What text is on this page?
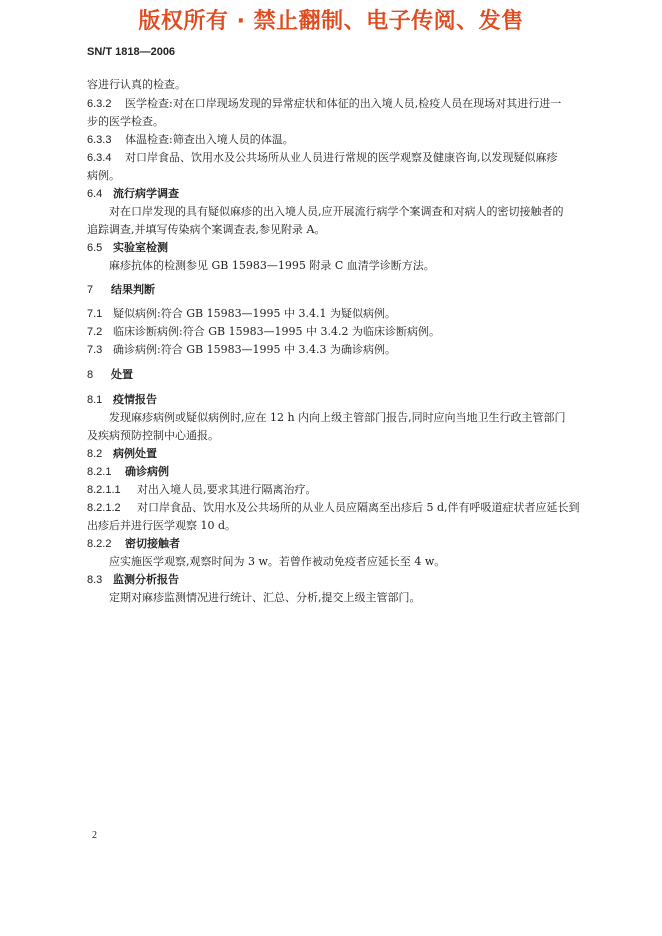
版权所有 · 禁止翻制、电子传阅、发售
SN/T 1818—2006
容进行认真的检查。
6.3.2 医学检查:对在口岸现场发现的异常症状和体征的出入境人员,检疫人员在现场对其进行进一
步的医学检查。
6.3.3 体温检查:筛查出入境人员的体温。
6.3.4 对口岸食品、饮用水及公共场所从业人员进行常规的医学观察及健康咨询,以发现疑似麻疹
病例。
6.4 流行病学调查
对在口岸发现的具有疑似麻疹的出入境人员,应开展流行病学个案调查和对病人的密切接触者的
追踪调查,并填写传染病个案调查表,参见附录 A。
6.5 实验室检测
麻疹抗体的检测参见 GB 15983—1995 附录 C 血清学诊断方法。
7 结果判断
7.1 疑似病例:符合 GB 15983—1995 中 3.4.1 为疑似病例。
7.2 临床诊断病例:符合 GB 15983—1995 中 3.4.2 为临床诊断病例。
7.3 确诊病例:符合 GB 15983—1995 中 3.4.3 为确诊病例。
8 处置
8.1 疫情报告
发现麻疹病例或疑似病例时,应在 12 h 内向上级主管部门报告,同时应向当地卫生行政主管部门
及疾病预防控制中心通报。
8.2 病例处置
8.2.1 确诊病例
8.2.1.1 对出入境人员,要求其进行隔离治疗。
8.2.1.2 对口岸食品、饮用水及公共场所的从业人员应隔离至出疹后 5 d,伴有呼吸道症状者应延长到
出疹后并进行医学观察 10 d。
8.2.2 密切接触者
应实施医学观察,观察时间为 3 w。若曾作被动免疫者应延长至 4 w。
8.3 监测分析报告
定期对麻疹监测情况进行统计、汇总、分析,提交上级主管部门。
2
